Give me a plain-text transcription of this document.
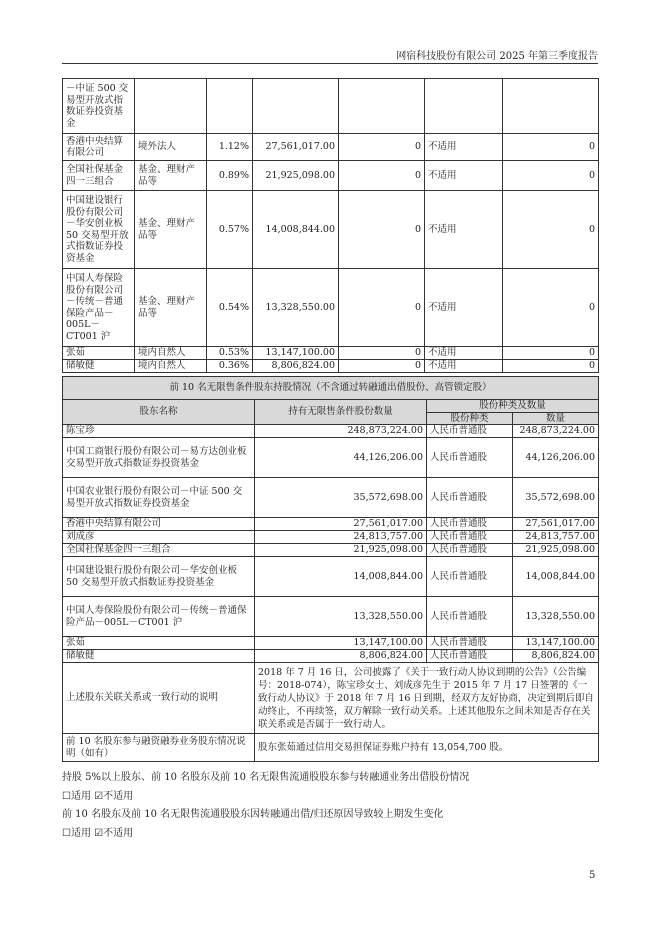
网宿科技股份有限公司 2025 年第三季度报告
－中证 500 交易型开放式指数证券投资基金						
香港中央结算有限公司	境外法人	1.12%	27,561,017.00	0	不适用	0
全国社保基金四一三组合	基金、理财产品等	0.89%	21,925,098.00	0	不适用	0
中国建设银行股份有限公司－华安创业板 50 交易型开放式指数证券投资基金	基金、理财产品等	0.57%	14,008,844.00	0	不适用	0
中国人寿保险股份有限公司－传统－普通保险产品－005L－CT001 沪	基金、理财产品等	0.54%	13,328,550.00	0	不适用	0
张茹	境内自然人	0.53%	13,147,100.00	0	不适用	0
储敏健	境内自然人	0.36%	8,806,824.00	0	不适用	0
前 10 名无限售条件股东持股情况（不含通过转融通出借股份、高管锁定股）			
股东名称	持有无限售条件股份数量	股份种类及数量	
		股份种类	数量
陈宝珍	248,873,224.00	人民币普通股	248,873,224.00
中国工商银行股份有限公司－易方达创业板交易型开放式指数证券投资基金	44,126,206.00	人民币普通股	44,126,206.00
中国农业银行股份有限公司－中证 500 交易型开放式指数证券投资基金	35,572,698.00	人民币普通股	35,572,698.00
香港中央结算有限公司	27,561,017.00	人民币普通股	27,561,017.00
刘成彦	24,813,757.00	人民币普通股	24,813,757.00
全国社保基金四一三组合	21,925,098.00	人民币普通股	21,925,098.00
中国建设银行股份有限公司－华安创业板 50 交易型开放式指数证券投资基金	14,008,844.00	人民币普通股	14,008,844.00
中国人寿保险股份有限公司－传统－普通保险产品－005L－CT001 沪	13,328,550.00	人民币普通股	13,328,550.00
张茹	13,147,100.00	人民币普通股	13,147,100.00
储敏健	8,806,824.00	人民币普通股	8,806,824.00
上述股东关联关系或一致行动的说明	2018 年 7 月 16 日，公司披露了《关于一致行动人协议到期的公告》（公告编号：2018-074），陈宝珍女士、刘成彦先生于 2015 年 7 月 17 日签署的《一致行动人协议》于 2018 年 7 月 16 日到期，经双方友好协商，决定到期后即自动终止，不再续签，双方解除一致行动关系。上述其他股东之间未知是否存在关联关系或是否属于一致行动人。		
前 10 名股东参与融资融券业务股东情况说明（如有）	股东张茹通过信用交易担保证券账户持有 13,054,700 股。		
持股 5%以上股东、前 10 名股东及前 10 名无限售流通股股东参与转融通业务出借股份情况
☐适用 ☑不适用
前 10 名股东及前 10 名无限售流通股股东因转融通出借/归还原因导致较上期发生变化
☐适用 ☑不适用
5
